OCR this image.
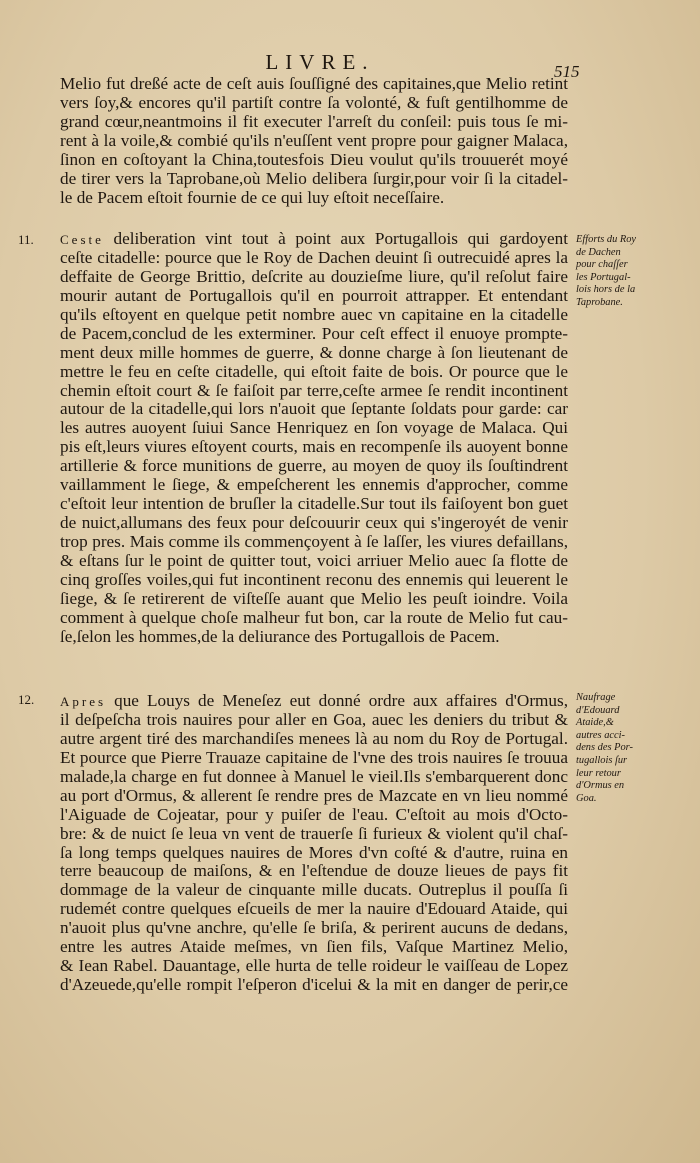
LIVRE.	515
Melio fut dreßé acte de ceſt auis ſouſſigné des capitaines,que Melio retint
vers ſoy,& encores qu'il partiſt contre ſa volonté, & fuſt gentilhomme de
grand cœur,neantmoins il fit executer l'arreſt du conſeil: puis tous ſe mi-
rent à la voile,& combié qu'ils n'euſſent vent propre pour gaigner Malaca,
ſinon en coſtoyant la China,toutesfois Dieu voulut qu'ils trouuerét moyé
de tirer vers la Taprobane,où Melio delibera ſurgir,pour voir ſi la citadel-
le de Pacem eſtoit fournie de ce qui luy eſtoit neceſſaire.
11. Ceste deliberation vint tout à point aux Portugallois qui gardoyent
ceſte citadelle: pource que le Roy de Dachen deuint ſi outrecuidé apres la
deffaite de George Brittio, deſcrite au douzieſme liure, qu'il reſolut faire
mourir autant de Portugallois qu'il en pourroit attrapper. Et entendant
qu'ils eſtoyent en quelque petit nombre auec vn capitaine en la citadelle
de Pacem,conclud de les exterminer. Pour ceſt effect il enuoye prompte-
ment deux mille hommes de guerre, & donne charge à ſon lieutenant de
mettre le feu en ceſte citadelle, qui eſtoit faite de bois. Or pource que le
chemin eſtoit court & ſe faiſoit par terre,ceſte armee ſe rendit incontinent
autour de la citadelle,qui lors n'auoit que ſeptante ſoldats pour garde: car
les autres auoyent ſuiui Sance Henriquez en ſon voyage de Malaca. Qui
pis eſt,leurs viures eſtoyent courts, mais en recompenſe ils auoyent bonne
artillerie & force munitions de guerre, au moyen de quoy ils ſouſtindrent
vaillamment le ſiege, & empeſcherent les ennemis d'approcher, comme
c'eſtoit leur intention de bruſler la citadelle.Sur tout ils faiſoyent bon guet
de nuict,allumans des feux pour deſcouurir ceux qui s'ingeroyét de venir
trop pres. Mais comme ils commençoyent à ſe laſſer, les viures defaillans,
& eſtans ſur le point de quitter tout, voici arriuer Melio auec ſa flotte de
cinq groſſes voiles,qui fut incontinent reconu des ennemis qui leuerent le
ſiege, & ſe retirerent de viſteſſe auant que Melio les peuſt ioindre. Voila
comment à quelque choſe malheur fut bon, car la route de Melio fut cau-
ſe,ſelon les hommes,de la deliurance des Portugallois de Pacem.
Efforts du Roy
de Dachen
pour chaſſer
les Portugal-
lois hors de la
Taprobane.
12. Apres que Louys de Meneſez eut donné ordre aux affaires d'Ormus,
il deſpeſcha trois nauires pour aller en Goa, auec les deniers du tribut &
autre argent tiré des marchandiſes menees là au nom du Roy de Portugal.
Et pource que Pierre Trauaze capitaine de l'vne des trois nauires ſe trouua
malade,la charge en fut donnee à Manuel le vieil.Ils s'embarquerent donc
au port d'Ormus, & allerent ſe rendre pres de Mazcate en vn lieu nommé
l'Aiguade de Cojeatar, pour y puiſer de l'eau. C'eſtoit au mois d'Octo-
bre: & de nuict ſe leua vn vent de trauerſe ſi furieux & violent qu'il chaſ-
ſa long temps quelques nauires de Mores d'vn coſté & d'autre, ruina en
terre beaucoup de maiſons, & en l'eſtendue de douze lieues de pays fit
dommage de la valeur de cinquante mille ducats. Outreplus il pouſſa ſi
rudemét contre quelques eſcueils de mer la nauire d'Edouard Ataide, qui
n'auoit plus qu'vne anchre, qu'elle ſe briſa, & perirent aucuns de dedans,
entre les autres Ataide meſmes, vn ſien fils, Vaſque Martinez Melio,
& Iean Rabel. Dauantage, elle hurta de telle roideur le vaiſſeau de Lopez
d'Azeuede,qu'elle rompit l'eſperon d'icelui & la mit en danger de perir,ce
Naufrage
d'Edouard
Ataide,&
autres acci-
dens des Por-
tugallois ſur
leur retour
d'Ormus en
Goa.
